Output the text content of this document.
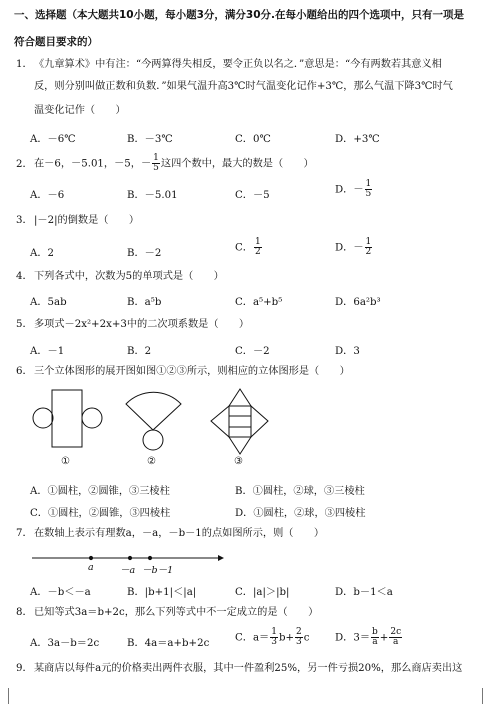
一、选择题（本大题共10小题，每小题3分，满分30分.在每小题给出的四个选项中，只有一项是
符合题目要求的）
1．《九章算术》中有注：“今两算得失相反，要令正负以名之．”意思是：“今有两数若其意义相
反，则分别叫做正数和负数．”如果气温升高3℃时气温变化记作+3℃，那么气温下降3℃时气
温变化记作（　　）
A．－6℃	B．－3℃	C．0℃	D．+3℃
2．在－6，－5.01，－5，－ $\frac{1}{5}$ 这四个数中，最大的数是（　　）
A．－6	B．－5.01	C．－5	D．－ $\frac{1}{5}$
3．|－2|的倒数是（　　）
A．2	B．－2	C． $\frac{1}{2}$	D．－ $\frac{1}{2}$
4．下列各式中，次数为5的单项式是（　　）
A．5ab	B．a⁵b	C．a⁵+b⁵	D．6a²b³
5．多项式－2x²+2x+3中的二次项系数是（　　）
A．－1	B．2	C．－2	D．3
6．三个立体图形的展开图如图①②③所示，则相应的立体图形是（　　）
①	②	③
A．①圆柱，②圆锥，③三棱柱	B．①圆柱，②球，③三棱柱
C．①圆柱，②圆锥，③四棱柱	D．①圆柱，②球，③四棱柱
7．在数轴上表示有理数a，－a，－b－1的点如图所示，则（　　）
a	－a －b－1
A．－b＜－a	B．|b+1|＜|a|	C．|a|＞|b|	D．b－1＜a
8．已知等式3a＝b+2c，那么下列等式中不一定成立的是（　　）
A．3a－b＝2c	B．4a＝a+b+2c	C．$a= \frac{1}{3} b+ \frac{2}{3}$ c	D．$3= \frac{b}{a} + \frac{2c}{a}$
9．某商店以每件a元的价格卖出两件衣服，其中一件盈利25%，另一件亏损20%，那么商店卖出这
